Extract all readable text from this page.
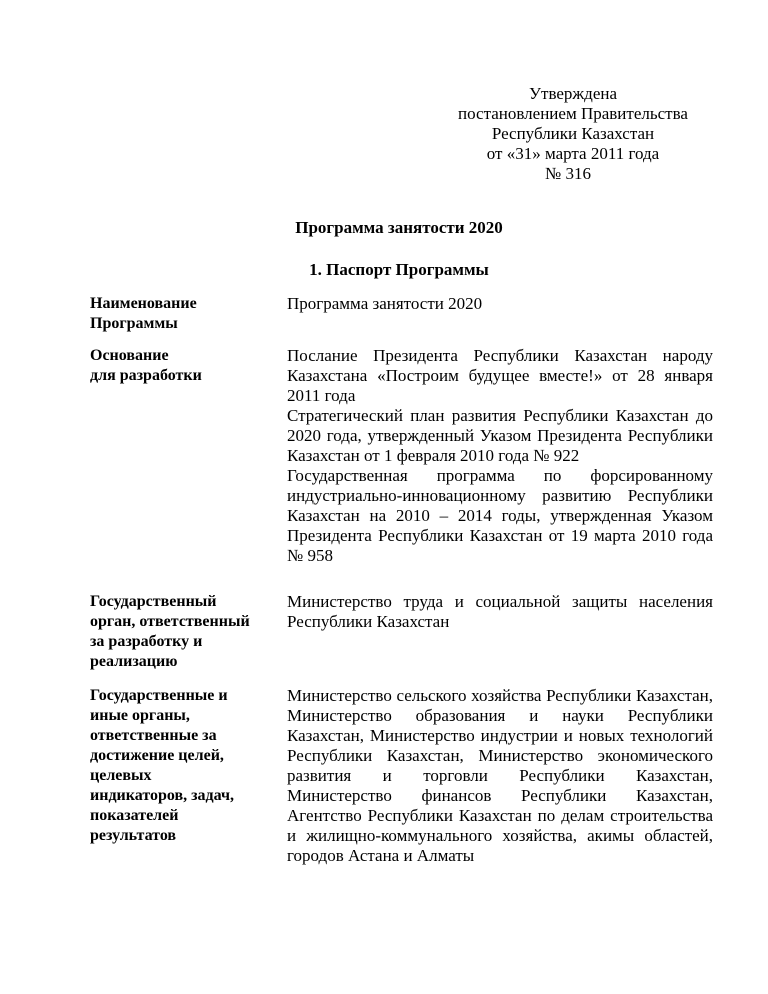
Утверждена
постановлением Правительства
Республики Казахстан
от «31» марта 2011 года
№ 316
Программа занятости 2020
1. Паспорт Программы
Наименование
Программы

Программа занятости 2020

Основание
для разработки

Послание Президента Республики Казахстан народу Казахстана «Построим будущее вместе!» от 28 января 2011 года

Стратегический план развития Республики Казахстан до 2020 года, утвержденный Указом Президента Республики Казахстан от 1 февраля 2010 года № 922

Государственная программа по форсированному индустриально-инновационному развитию Республики Казахстан на 2010 – 2014 годы, утвержденная Указом Президента Республики Казахстан от 19 марта 2010 года № 958

Государственный
орган, ответственный
за разработку и
реализацию

Министерство труда и социальной защиты населения Республики Казахстан

Государственные и
иные органы,
ответственные за
достижение целей,
целевых
индикаторов, задач,
показателей
результатов

Министерство сельского хозяйства Республики Казахстан, Министерство образования и науки Республики Казахстан, Министерство индустрии и новых технологий Республики Казахстан, Министерство экономического развития и торговли Республики Казахстан, Министерство финансов Республики Казахстан, Агентство Республики Казахстан по делам строительства и жилищно-коммунального хозяйства, акимы областей, городов Астана и Алматы
